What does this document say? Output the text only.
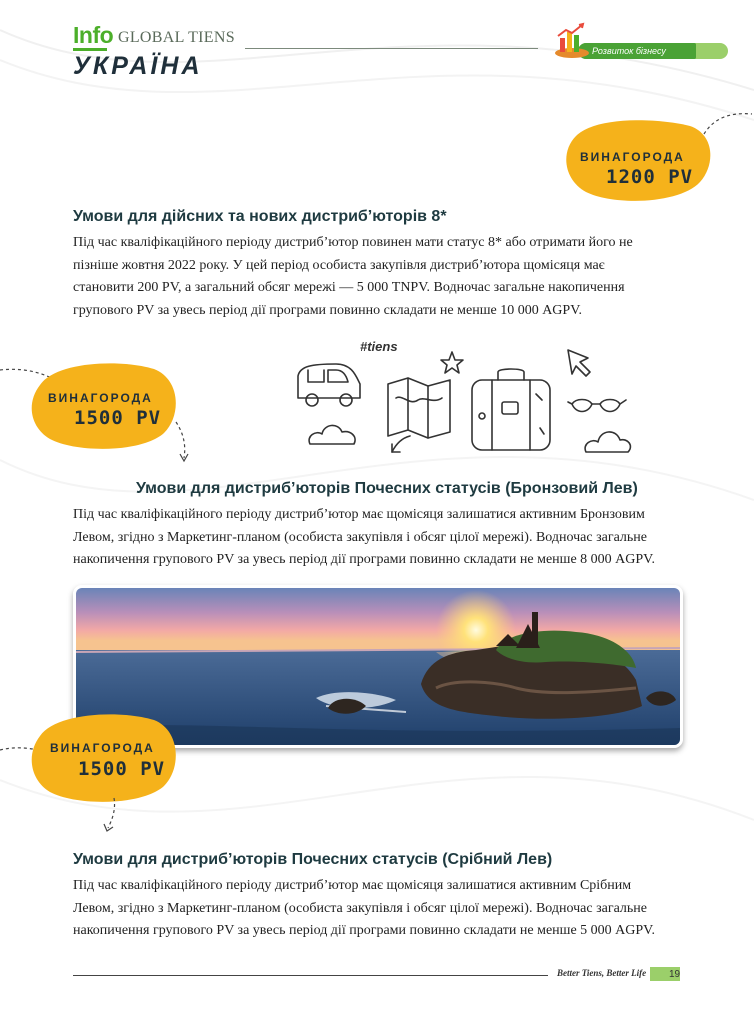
Info GLOBAL TIENS
УКРАЇНА
Розвиток бізнесу
ВИНАГОРОДА
1200 PV
Умови для дійсних та нових дистриб’юторів 8*

Під час кваліфікаційного періоду дистриб’ютор повинен мати статус 8* або отримати його не
пізніше жовтня 2022 року. У цей період особиста закупівля дистриб’ютора щомісяця має
становити 200 PV, а загальний обсяг мережі — 5 000 TNPV. Водночас загальне накопичення
групового PV за увесь період дії програми повинно складати не менше 10 000 AGPV.

ВИНАГОРОДА
1500 PV
#tiens
Умови для дистриб’юторів Почесних статусів (Бронзовий Лев)

Під час кваліфікаційного періоду дистриб’ютор має щомісяця залишатися активним Бронзовим
Левом, згідно з Маркетинг-планом (особиста закупівля і обсяг цілої мережі). Водночас загальне
накопичення групового PV за увесь період дії програми повинно складати не менше 8 000 AGPV.

ВИНАГОРОДА
1500 PV
Умови для дистриб’юторів Почесних статусів (Срібний Лев)

Під час кваліфікаційного періоду дистриб’ютор має щомісяця залишатися активним Срібним
Левом, згідно з Маркетинг-планом (особиста закупівля і обсяг цілої мережі). Водночас загальне
накопичення групового PV за увесь період дії програми повинно складати не менше 5 000 AGPV.

Better Tiens, Better Life 19
